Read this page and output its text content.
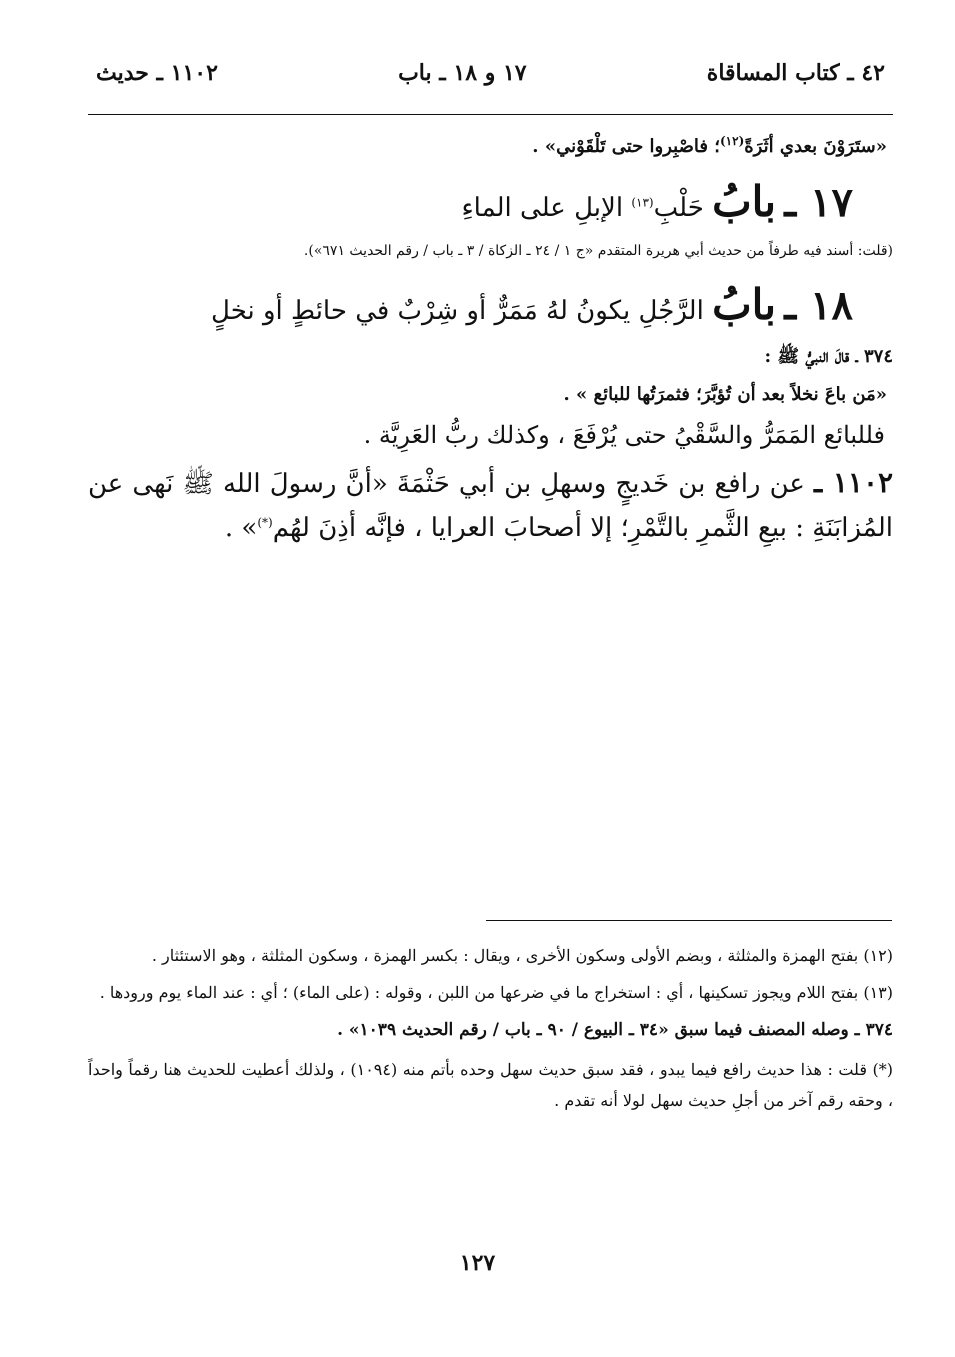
٤٢ ـ كتاب المساقاة
١٧ و ١٨ ـ باب
١١٠٢ ـ حديث

«ستَرَوْنَ بعدي أثَرَةً$^{(١٢)}$؛ فاصْبِروا حتى تَلْقَوْني» .

١٧ ـ بابُ حَلْبِ$^{(١٣)}$ الإبلِ على الماءِ

(قلت: أسند فيه طرفاً من حديث أبي هريرة المتقدم «ج ١ / ٢٤ ـ الزكاة / ٣ ـ باب / رقم الحديث ٦٧١»).

١٨ ـ بابُ الرَّجُلِ يكونُ لهُ مَمَرٌّ أو شِرْبٌ في حائطٍ أو نخلٍ

٣٧٤ ـ قالَ النبيُّ ﷺ :

«مَن باعَ نخلاً بعد أن تُؤبَّرَ؛ فثمرَتُها للبائع » .

فللبائع المَمَرُّ والسَّقْيُ حتى يُرْفَعَ ، وكذلك ربُّ العَرِيَّة .

١١٠٢ ـ عن رافع بن خَديجٍ وسهلِ بن أبي حَثْمَةَ «أنَّ رسولَ الله ﷺ نَهى عن المُزابَنَةِ : بيعِ الثَّمرِ بالتَّمْرِ؛ إلا أصحابَ العرايا ، فإنَّه أذِنَ لهُم(*)» .

(١٢) بفتح الهمزة والمثلثة ، وبضم الأولى وسكون الأخرى ، ويقال : بكسر الهمزة ، وسكون المثلثة ، وهو الاستئثار .

(١٣) بفتح اللام ويجوز تسكينها ، أي : استخراج ما في ضرعها من اللبن ، وقوله : (على الماء) ؛ أي : عند الماء يوم ورودها .

٣٧٤ ـ وصله المصنف فيما سبق «٣٤ ـ البيوع / ٩٠ ـ باب / رقم الحديث ١٠٣٩» .

(*) قلت : هذا حديث رافع فيما يبدو ، فقد سبق حديث سهل وحده بأتم منه (١٠٩٤) ، ولذلك أعطيت للحديث هنا رقماً واحداً ، وحقه رقم آخر من أجلِ حديث سهل لولا أنه تقدم .

١٢٧
